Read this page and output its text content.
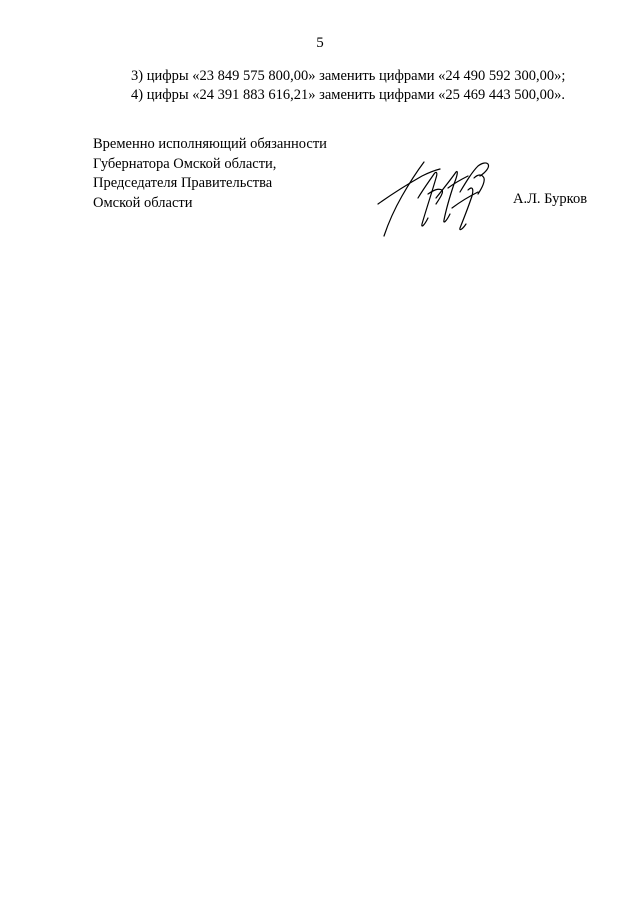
5
3) цифры «23 849 575 800,00» заменить цифрами «24 490 592 300,00»;
4) цифры «24 391 883 616,21» заменить цифрами «25 469 443 500,00».
Временно исполняющий обязанности
Губернатора Омской области,
Председателя Правительства
Омской области	А.Л. Бурков
